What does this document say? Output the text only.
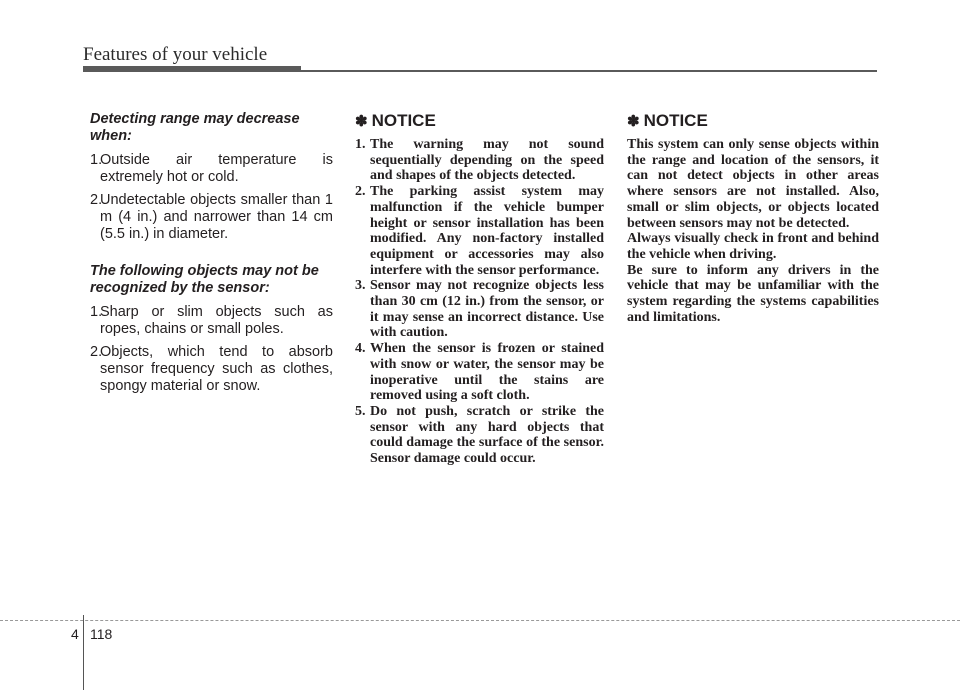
Features of your vehicle
Detecting range may decrease when:
1.
Outside air temperature is extremely hot or cold.
2.
Undetectable objects smaller than 1 m (4 in.) and narrower than 14 cm (5.5 in.) in diameter.
The following objects may not be recognized by the sensor:
1.
Sharp or slim objects such as ropes, chains or small poles.
2.
Objects, which tend to absorb sensor frequency such as clothes, spongy material or snow.
✽ NOTICE
1. The warning may not sound sequentially depending on the speed and shapes of the objects detected.
2. The parking assist system may malfunction if the vehicle bumper height or sensor installation has been modified. Any non-factory installed equipment or accessories may also interfere with the sensor performance.
3. Sensor may not recognize objects less than 30 cm (12 in.) from the sensor, or it may sense an incorrect distance. Use with caution.
4. When the sensor is frozen or stained with snow or water, the sensor may be inoperative until the stains are removed using a soft cloth.
5. Do not push, scratch or strike the sensor with any hard objects that could damage the surface of the sensor. Sensor damage could occur.
✽ NOTICE
This system can only sense objects within the range and location of the sensors, it can not detect objects in other areas where sensors are not installed. Also, small or slim objects, or objects located between sensors may not be detected.
Always visually check in front and behind the vehicle when driving.
Be sure to inform any drivers in the vehicle that may be unfamiliar with the system regarding the systems capabilities and limitations.
4 118
